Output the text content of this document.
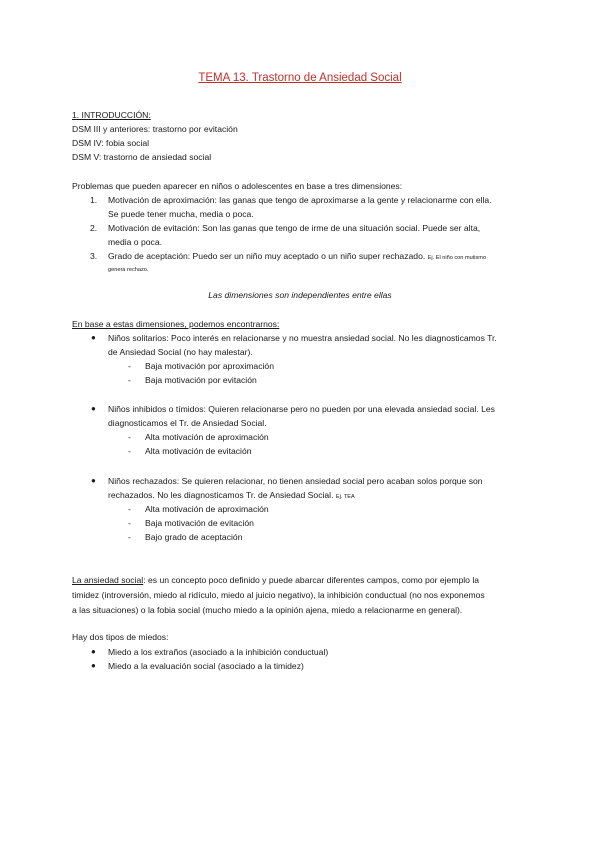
TEMA 13. Trastorno de Ansiedad Social
1. INTRODUCCIÓN:
DSM III y anteriores: trastorno por evitación
DSM IV: fobia social
DSM V: trastorno de ansiedad social
Problemas que pueden aparecer en niños o adolescentes en base a tres dimensiones:
1. Motivación de aproximación: las ganas que tengo de aproximarse a la gente y relacionarme con ella.
Se puede tener mucha, media o poca.
2. Motivación de evitación: Son las ganas que tengo de irme de una situación social. Puede ser alta,
media o poca.
3. Grado de aceptación: Puedo ser un niño muy aceptado o un niño super rechazado. Ej. El niño con mutismo
genera rechazo.
Las dimensiones son independientes entre ellas
En base a estas dimensiones, podemos encontrarnos:
● Niños solitarios: Poco interés en relacionarse y no muestra ansiedad social. No les diagnosticamos Tr.
de Ansiedad Social (no hay malestar).
- Baja motivación por aproximación
- Baja motivación por evitación
● Niños inhibidos o tímidos: Quieren relacionarse pero no pueden por una elevada ansiedad social. Les
diagnosticamos el Tr. de Ansiedad Social.
- Alta motivación de aproximación
- Alta motivación de evitación
● Niños rechazados: Se quieren relacionar, no tienen ansiedad social pero acaban solos porque son
rechazados. No les diagnosticamos Tr. de Ansiedad Social. Ej. TEA
- Alta motivación de aproximación
- Baja motivación de evitación
- Bajo grado de aceptación
La ansiedad social: es un concepto poco definido y puede abarcar diferentes campos, como por ejemplo la
timidez (introversión, miedo al ridículo, miedo al juicio negativo), la inhibición conductual (no nos exponemos
a las situaciones) o la fobia social (mucho miedo a la opinión ajena, miedo a relacionarme en general).
Hay dos tipos de miedos:
● Miedo a los extraños (asociado a la inhibición conductual)
● Miedo a la evaluación social (asociado a la timidez)
